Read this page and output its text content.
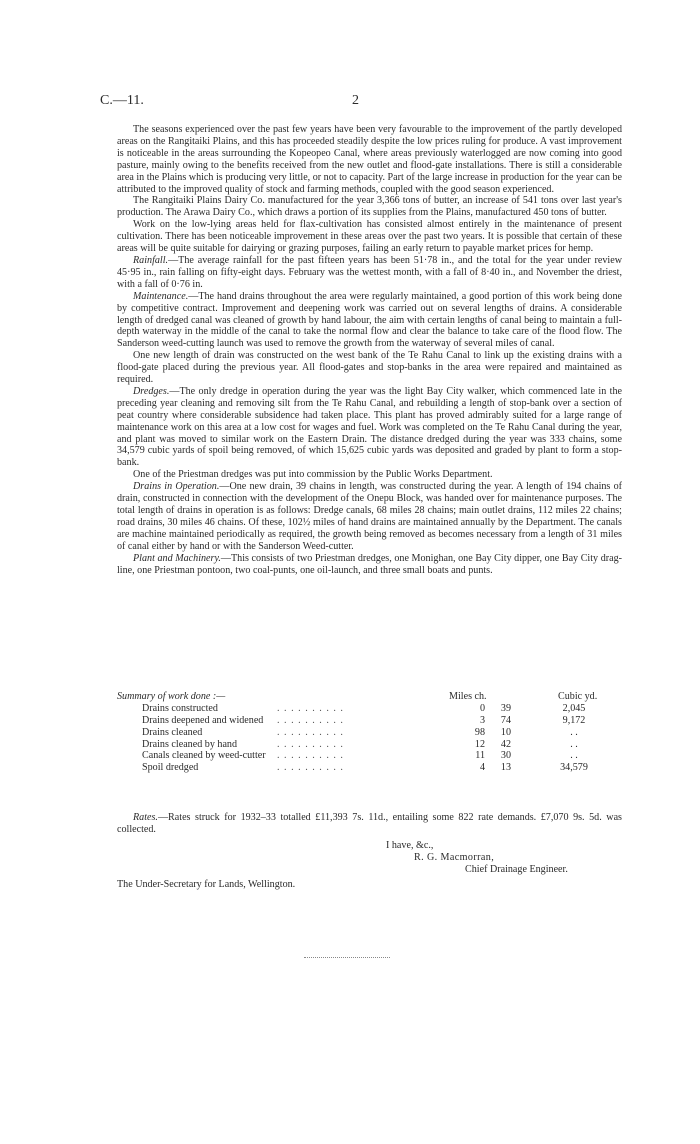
C.—11.	2

The seasons experienced over the past few years have been very favourable to the improvement of the partly developed areas on the Rangitaiki Plains, and this has proceeded steadily despite the low prices ruling for produce. A vast improvement is noticeable in the areas surrounding the Kopeopeo Canal, where areas previously waterlogged are now coming into good pasture, mainly owing to the benefits received from the new outlet and flood-gate installations. There is still a considerable area in the Plains which is producing very little, or not to capacity. Part of the large increase in production for the year can be attributed to the improved quality of stock and farming methods, coupled with the good season experienced.

The Rangitaiki Plains Dairy Co. manufactured for the year 3,366 tons of butter, an increase of 541 tons over last year's production. The Arawa Dairy Co., which draws a portion of its supplies from the Plains, manufactured 450 tons of butter.

Work on the low-lying areas held for flax-cultivation has consisted almost entirely in the maintenance of present cultivation. There has been noticeable improvement in these areas over the past two years. It is possible that certain of these areas will be quite suitable for dairying or grazing purposes, failing an early return to payable market prices for hemp.

Rainfall.—The average rainfall for the past fifteen years has been 51·78 in., and the total for the year under review 45·95 in., rain falling on fifty-eight days. February was the wettest month, with a fall of 8·40 in., and November the driest, with a fall of 0·76 in.

Maintenance.—The hand drains throughout the area were regularly maintained, a good portion of this work being done by competitive contract. Improvement and deepening work was carried out on several lengths of drains. A considerable length of dredged canal was cleaned of growth by hand labour, the aim with certain lengths of canal being to maintain a full-depth waterway in the middle of the canal to take the normal flow and clear the balance to take care of the flood flow. The Sanderson weed-cutting launch was used to remove the growth from the waterway of several miles of canal.

One new length of drain was constructed on the west bank of the Te Rahu Canal to link up the existing drains with a flood-gate placed during the previous year. All flood-gates and stop-banks in the area were repaired and maintained as required.

Dredges.—The only dredge in operation during the year was the light Bay City walker, which commenced late in the preceding year cleaning and removing silt from the Te Rahu Canal, and rebuilding a length of stop-bank over a section of peat country where considerable subsidence had taken place. This plant has proved admirably suited for a large range of maintenance work on this area at a low cost for wages and fuel. Work was completed on the Te Rahu Canal during the year, and plant was moved to similar work on the Eastern Drain. The distance dredged during the year was 333 chains, some 34,579 cubic yards of spoil being removed, of which 15,625 cubic yards was deposited and graded by plant to form a stop-bank.

One of the Priestman dredges was put into commission by the Public Works Department.

Drains in Operation.—One new drain, 39 chains in length, was constructed during the year. A length of 194 chains of drain, constructed in connection with the development of the Onepu Block, was handed over for maintenance purposes. The total length of drains in operation is as follows: Dredge canals, 68 miles 28 chains; main outlet drains, 112 miles 22 chains; road drains, 30 miles 46 chains. Of these, 102½ miles of hand drains are maintained annually by the Department. The canals are machine maintained periodically as required, the growth being removed as becomes necessary from a length of 31 miles of canal either by hand or with the Sanderson Weed-cutter.

Plant and Machinery.—This consists of two Priestman dredges, one Monighan, one Bay City dipper, one Bay City drag-line, one Priestman pontoon, two coal-punts, one oil-launch, and three small boats and punts.

Summary of work done :—	Miles ch.	Cubic yd.
Drains constructed	. . . . . . . . . .	0	39	2,045
Drains deepened and widened . . . . . . . . . .	3	74	9,172
Drains cleaned	. . . . . . . . . .	98	10	. .
Drains cleaned by hand	. . . . . . . . . .	12	42	. .
Canals cleaned by weed-cutter . . . . . . . . . .	11	30	. .
Spoil dredged	. . . . . . . . . .	4	13	34,579

Rates.—Rates struck for 1932–33 totalled £11,393 7s. 11d., entailing some 822 rate demands. £7,070 9s. 5d. was collected.

I have, &c.,
R. G. Macmorran,
Chief Drainage Engineer.
The Under-Secretary for Lands, Wellington.
